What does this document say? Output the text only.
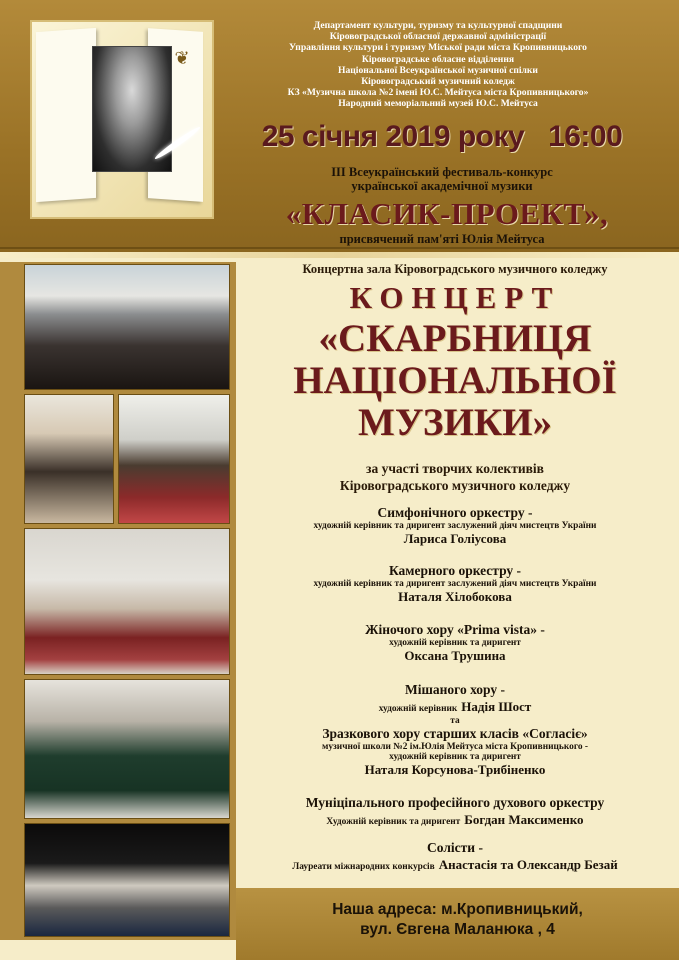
❦
Департамент культури, туризму та культурної спадщини
Кіровоградської обласної державної адміністрації
Управління культури і туризму Міської ради міста Кропивницького
Кіровоградське обласне відділення
Національної Всеукраїнської музичної спілки
Кіровоградський музичний коледж
КЗ «Музична школа №2 імені Ю.С. Мейтуса міста Кропивницького»
Народний меморіальний музей Ю.С. Мейтуса
25 січня 2019 року 16:00
ІІІ Всеукраїнський фестиваль-конкурс
української академічної музики
«КЛАСИК-ПРОЕКТ»,
присвячений пам'яті Юлія Мейтуса
Концертна зала Кіровоградського музичного коледжу
КОНЦЕРТ
«СКАРБНИЦЯ
НАЦІОНАЛЬНОЇ
МУЗИКИ»
за участі творчих колективів
Кіровоградського музичного коледжу
Симфонічного оркестру -
художній керівник та диригент заслужений діяч мистецтв України
Лариса Голіусова
Камерного оркестру -
художній керівник та диригент заслужений діяч мистецтв України
Наталя Хілобокова
Жіночого хору «Prima vista» -
художній керівник та диригент
Оксана Трушина
Мішаного хору -
художній керівник Надія Шост
та
Зразкового хору старших класів «Согласіє»
музичної школи №2 ім.Юлія Мейтуса міста Кропивницького -
художній керівник та диригент
Наталя Корсунова-Трибіненко
Муніціпального професійного духового оркестру
Художній керівник та диригент Богдан Максименко
Солісти -
Лауреати міжнародних конкурсів Анастасія та Олександр Безай
Наша адреса: м.Кропивницький,
вул. Євгена Маланюка , 4
